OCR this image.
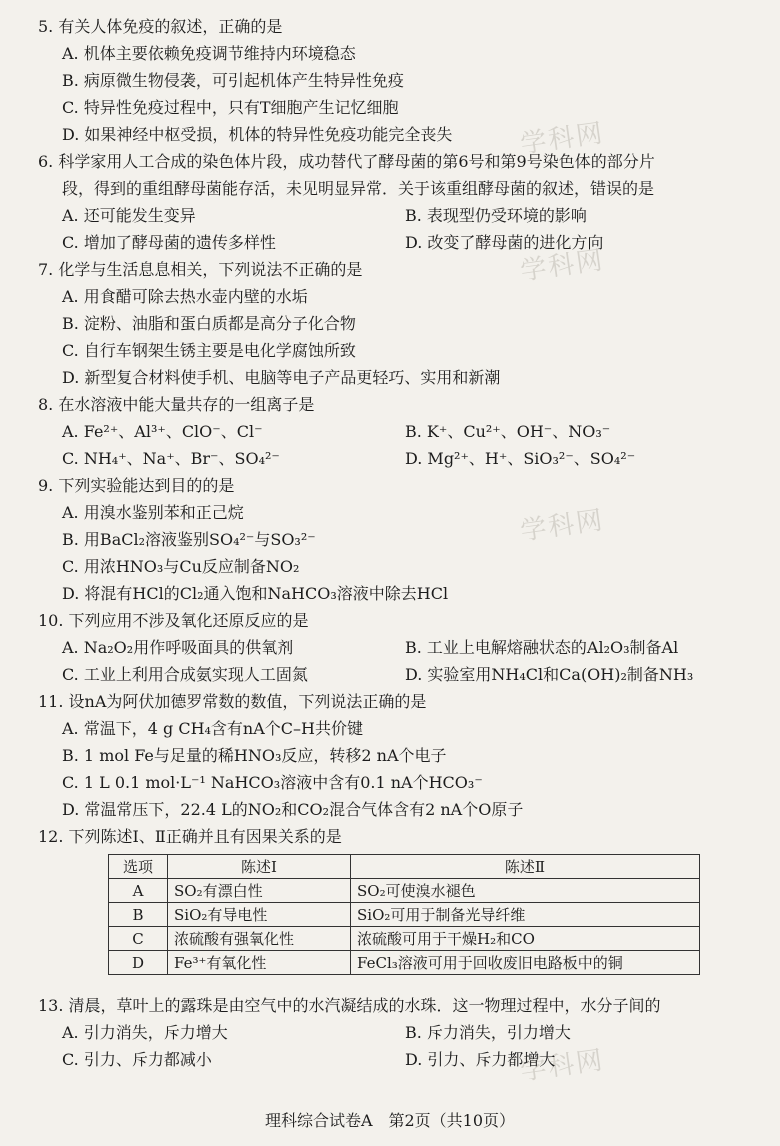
学科网
学科网
学科网
学科网
5. 有关人体免疫的叙述，正确的是
A. 机体主要依赖免疫调节维持内环境稳态
B. 病原微生物侵袭，可引起机体产生特异性免疫
C. 特异性免疫过程中，只有T细胞产生记忆细胞
D. 如果神经中枢受损，机体的特异性免疫功能完全丧失
6. 科学家用人工合成的染色体片段，成功替代了酵母菌的第6号和第9号染色体的部分片
段，得到的重组酵母菌能存活，未见明显异常．关于该重组酵母菌的叙述，错误的是
A. 还可能发生变异	B. 表现型仍受环境的影响
C. 增加了酵母菌的遗传多样性	D. 改变了酵母菌的进化方向
7. 化学与生活息息相关，下列说法不正确的是
A. 用食醋可除去热水壶内壁的水垢
B. 淀粉、油脂和蛋白质都是高分子化合物
C. 自行车钢架生锈主要是电化学腐蚀所致
D. 新型复合材料使手机、电脑等电子产品更轻巧、实用和新潮
8. 在水溶液中能大量共存的一组离子是
A. Fe²⁺、Al³⁺、ClO⁻、Cl⁻	B. K⁺、Cu²⁺、OH⁻、NO₃⁻
C. NH₄⁺、Na⁺、Br⁻、SO₄²⁻	D. Mg²⁺、H⁺、SiO₃²⁻、SO₄²⁻
9. 下列实验能达到目的的是
A. 用溴水鉴别苯和正己烷
B. 用BaCl₂溶液鉴别SO₄²⁻与SO₃²⁻
C. 用浓HNO₃与Cu反应制备NO₂
D. 将混有HCl的Cl₂通入饱和NaHCO₃溶液中除去HCl
10. 下列应用不涉及氧化还原反应的是
A. Na₂O₂用作呼吸面具的供氧剂	B. 工业上电解熔融状态的Al₂O₃制备Al
C. 工业上利用合成氨实现人工固氮	D. 实验室用NH₄Cl和Ca(OH)₂制备NH₃
11. 设nA为阿伏加德罗常数的数值，下列说法正确的是
A. 常温下，4 g CH₄含有nA个C–H共价键
B. 1 mol Fe与足量的稀HNO₃反应，转移2 nA个电子
C. 1 L 0.1 mol·L⁻¹ NaHCO₃溶液中含有0.1 nA个HCO₃⁻
D. 常温常压下，22.4 L的NO₂和CO₂混合气体含有2 nA个O原子
12. 下列陈述Ⅰ、Ⅱ正确并且有因果关系的是
选项	陈述Ⅰ	陈述Ⅱ
A	SO₂有漂白性	SO₂可使溴水褪色
B	SiO₂有导电性	SiO₂可用于制备光导纤维
C	浓硫酸有强氧化性	浓硫酸可用于干燥H₂和CO
D	Fe³⁺有氧化性	FeCl₃溶液可用于回收废旧电路板中的铜
13. 清晨，草叶上的露珠是由空气中的水汽凝结成的水珠．这一物理过程中，水分子间的
A. 引力消失，斥力增大	B. 斥力消失，引力增大
C. 引力、斥力都减小	D. 引力、斥力都增大
理科综合试卷A　第2页（共10页）
